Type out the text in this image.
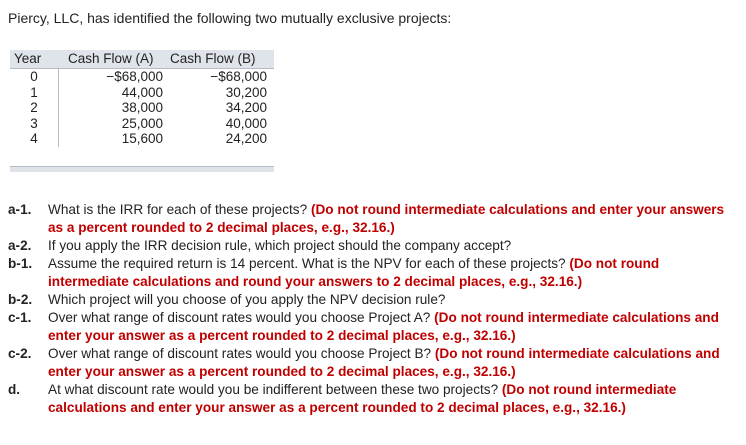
Piercy, LLC, has identified the following two mutually exclusive projects:
Year	Cash Flow (A)	Cash Flow (B)
0	−$68,000	−$68,000
1	44,000	30,200
2	38,000	34,200
3	25,000	40,000
4	15,600	24,200
a-1.	What is the IRR for each of these projects? (Do not round intermediate calculations and enter your answers as a percent rounded to 2 decimal places, e.g., 32.16.)
a-2.	If you apply the IRR decision rule, which project should the company accept?
b-1.	Assume the required return is 14 percent. What is the NPV for each of these projects? (Do not round intermediate calculations and round your answers to 2 decimal places, e.g., 32.16.)
b-2.	Which project will you choose of you apply the NPV decision rule?
c-1.	Over what range of discount rates would you choose Project A? (Do not round intermediate calculations and enter your answer as a percent rounded to 2 decimal places, e.g., 32.16.)
c-2.	Over what range of discount rates would you choose Project B? (Do not round intermediate calculations and enter your answer as a percent rounded to 2 decimal places, e.g., 32.16.)
d.	At what discount rate would you be indifferent between these two projects? (Do not round intermediate calculations and enter your answer as a percent rounded to 2 decimal places, e.g., 32.16.)
